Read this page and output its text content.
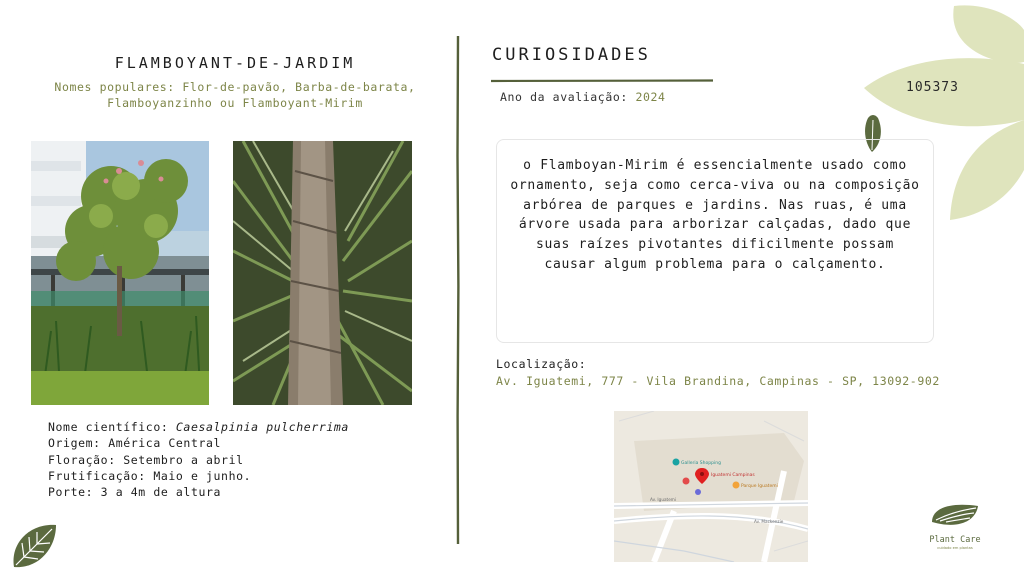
FLAMBOYANT-DE-JARDIM
Nomes populares: Flor-de-pavão, Barba-de-barata,
Flamboyanzinho ou Flamboyant-Mirim
Nome científico: Caesalpinia pulcherrima
Origem: América Central
Floração: Setembro a abril
Frutificação: Maio e junho.
Porte: 3 a 4m de altura
CURIOSIDADES
Ano da avaliação: 2024
105373
o Flamboyan-Mirim é essencialmente usado como ornamento, seja como cerca-viva ou na composição arbórea de parques e jardins. Nas ruas, é uma árvore usada para arborizar calçadas, dado que suas raízes pivotantes dificilmente possam causar algum problema para o calçamento.
Localização:
Av. Iguatemi, 777 - Vila Brandina, Campinas - SP, 13092-902
Galleria Shopping
Iguatemi Campinas
Parque Iguatemi
Av. Iguatemi
Av. Mackenzie
Plant Care
cuidado em plantas
